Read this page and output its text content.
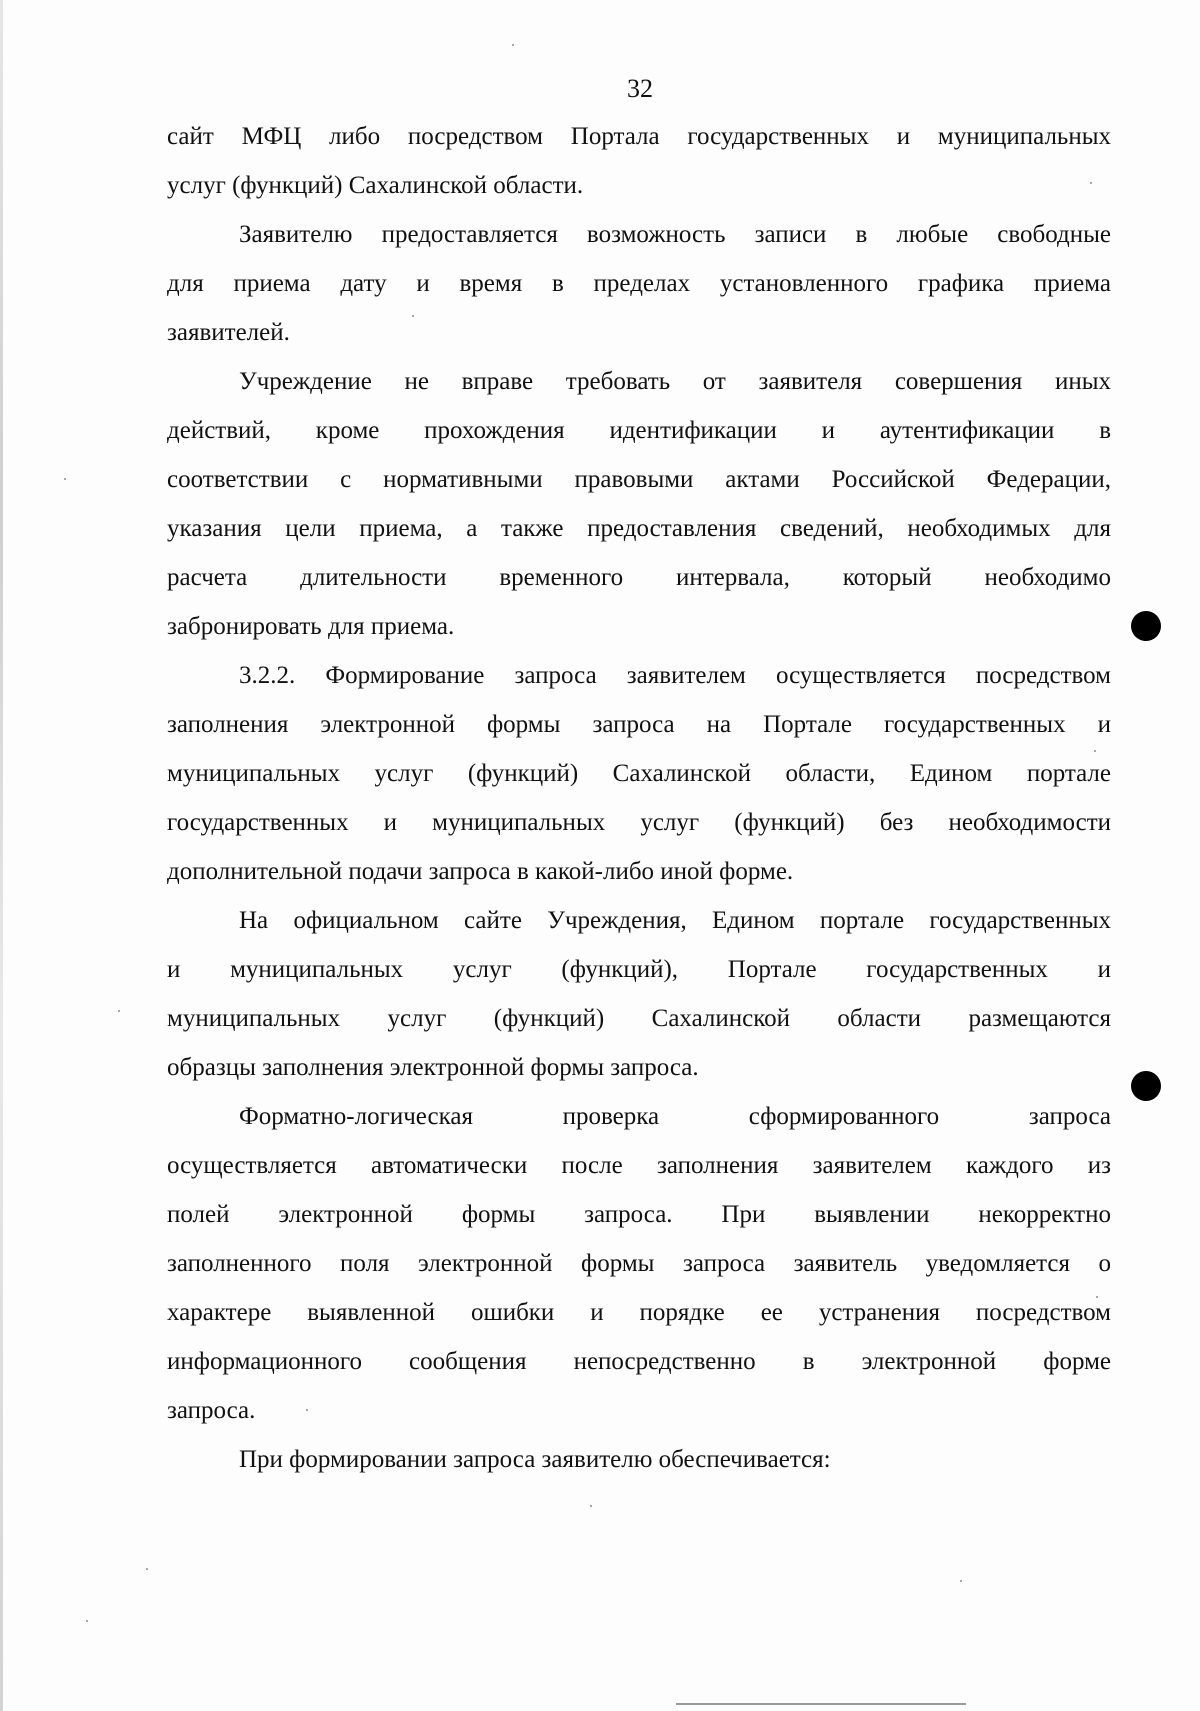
32
сайт МФЦ либо посредством Портала государственных и муниципальных
услуг (функций) Сахалинской области.
Заявителю предоставляется возможность записи в любые свободные
для приема дату и время в пределах установленного графика приема
заявителей.
Учреждение не вправе требовать от заявителя совершения иных
действий, кроме прохождения идентификации и аутентификации в
соответствии с нормативными правовыми актами Российской Федерации,
указания цели приема, а также предоставления сведений, необходимых для
расчета длительности временного интервала, который необходимо
забронировать для приема.
3.2.2. Формирование запроса заявителем осуществляется посредством
заполнения электронной формы запроса на Портале государственных и
муниципальных услуг (функций) Сахалинской области, Едином портале
государственных и муниципальных услуг (функций) без необходимости
дополнительной подачи запроса в какой-либо иной форме.
На официальном сайте Учреждения, Едином портале государственных
и муниципальных услуг (функций), Портале государственных и
муниципальных услуг (функций) Сахалинской области размещаются
образцы заполнения электронной формы запроса.
Форматно-логическая проверка сформированного запроса
осуществляется автоматически после заполнения заявителем каждого из
полей электронной формы запроса. При выявлении некорректно
заполненного поля электронной формы запроса заявитель уведомляется о
характере выявленной ошибки и порядке ее устранения посредством
информационного сообщения непосредственно в электронной форме
запроса.
При формировании запроса заявителю обеспечивается:
